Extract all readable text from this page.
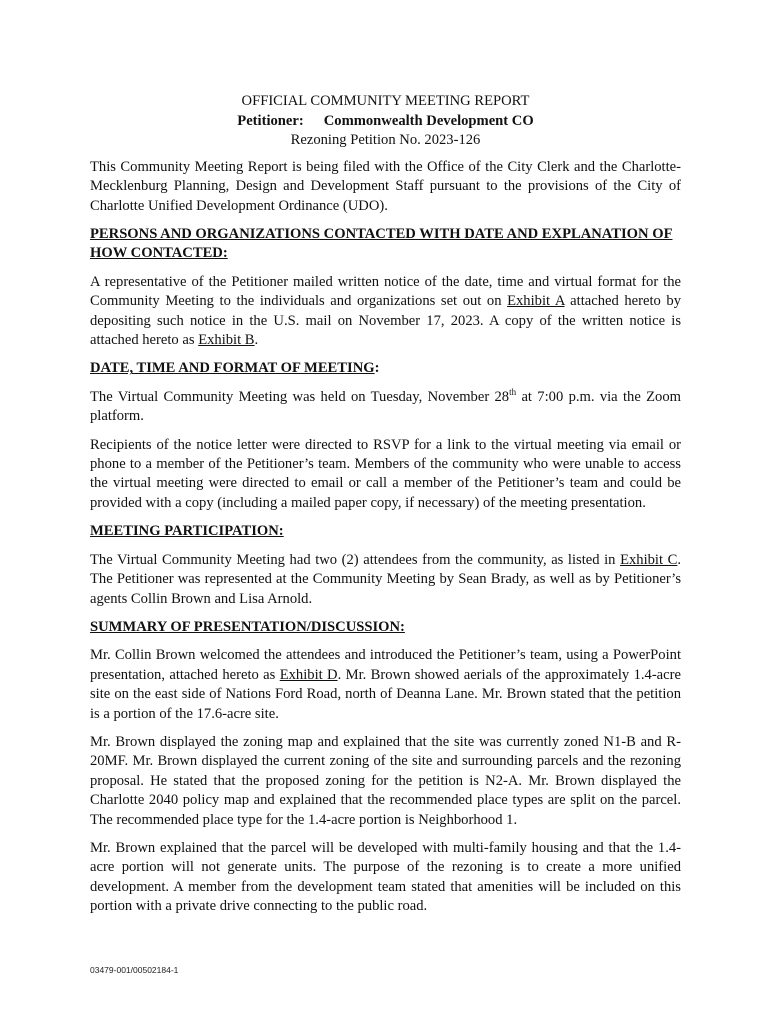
OFFICIAL COMMUNITY MEETING REPORT
Petitioner: Commonwealth Development CO
Rezoning Petition No. 2023-126

This Community Meeting Report is being filed with the Office of the City Clerk and the Charlotte-Mecklenburg Planning, Design and Development Staff pursuant to the provisions of the City of Charlotte Unified Development Ordinance (UDO).

PERSONS AND ORGANIZATIONS CONTACTED WITH DATE AND EXPLANATION OF HOW CONTACTED:

A representative of the Petitioner mailed written notice of the date, time and virtual format for the Community Meeting to the individuals and organizations set out on Exhibit A attached hereto by depositing such notice in the U.S. mail on November 17, 2023. A copy of the written notice is attached hereto as Exhibit B.

DATE, TIME AND FORMAT OF MEETING:

The Virtual Community Meeting was held on Tuesday, November 28th at 7:00 p.m. via the Zoom platform.

Recipients of the notice letter were directed to RSVP for a link to the virtual meeting via email or phone to a member of the Petitioner’s team. Members of the community who were unable to access the virtual meeting were directed to email or call a member of the Petitioner’s team and could be provided with a copy (including a mailed paper copy, if necessary) of the meeting presentation.

MEETING PARTICIPATION:

The Virtual Community Meeting had two (2) attendees from the community, as listed in Exhibit C. The Petitioner was represented at the Community Meeting by Sean Brady, as well as by Petitioner’s agents Collin Brown and Lisa Arnold.

SUMMARY OF PRESENTATION/DISCUSSION:

Mr. Collin Brown welcomed the attendees and introduced the Petitioner’s team, using a PowerPoint presentation, attached hereto as Exhibit D. Mr. Brown showed aerials of the approximately 1.4-acre site on the east side of Nations Ford Road, north of Deanna Lane. Mr. Brown stated that the petition is a portion of the 17.6-acre site.

Mr. Brown displayed the zoning map and explained that the site was currently zoned N1-B and R-20MF. Mr. Brown displayed the current zoning of the site and surrounding parcels and the rezoning proposal. He stated that the proposed zoning for the petition is N2-A. Mr. Brown displayed the Charlotte 2040 policy map and explained that the recommended place types are split on the parcel. The recommended place type for the 1.4-acre portion is Neighborhood 1.

Mr. Brown explained that the parcel will be developed with multi-family housing and that the 1.4-acre portion will not generate units. The purpose of the rezoning is to create a more unified development. A member from the development team stated that amenities will be included on this portion with a private drive connecting to the public road.

03479-001/00502184-1
